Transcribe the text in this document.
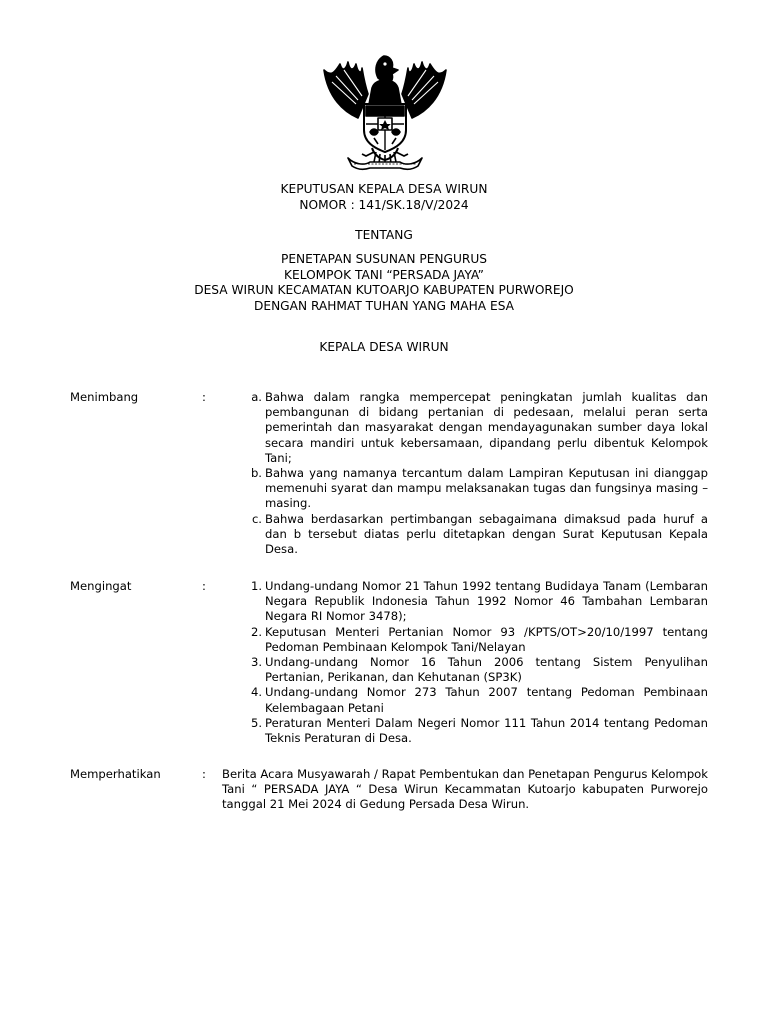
KEPUTUSAN KEPALA DESA WIRUN
NOMOR : 141/SK.18/V/2024
TENTANG
PENETAPAN SUSUNAN PENGURUS
KELOMPOK TANI “PERSADA JAYA”
DESA WIRUN KECAMATAN KUTOARJO KABUPATEN PURWOREJO
DENGAN RAHMAT TUHAN YANG MAHA ESA
KEPALA DESA WIRUN
Menimbang	:	a. Bahwa dalam rangka mempercepat peningkatan jumlah kualitas dan pembangunan di bidang pertanian di pedesaan, melalui peran serta pemerintah dan masyarakat dengan mendayagunakan sumber daya lokal secara mandiri untuk kebersamaan, dipandang perlu dibentuk Kelompok Tani;
b. Bahwa yang namanya tercantum dalam Lampiran Keputusan ini dianggap memenuhi syarat dan mampu melaksanakan tugas dan fungsinya masing – masing.
c. Bahwa berdasarkan pertimbangan sebagaimana dimaksud pada huruf a dan b tersebut diatas perlu ditetapkan dengan Surat Keputusan Kepala Desa.
Mengingat	:	1. Undang-undang Nomor 21 Tahun 1992 tentang Budidaya Tanam (Lembaran Negara Republik Indonesia Tahun 1992 Nomor 46 Tambahan Lembaran Negara RI Nomor 3478);
2. Keputusan Menteri Pertanian Nomor 93 /KPTS/OT>20/10/1997 tentang Pedoman Pembinaan Kelompok Tani/Nelayan
3. Undang-undang Nomor 16 Tahun 2006 tentang Sistem Penyulihan Pertanian, Perikanan, dan Kehutanan (SP3K)
4. Undang-undang Nomor 273 Tahun 2007 tentang Pedoman Pembinaan Kelembagaan Petani
5. Peraturan Menteri Dalam Negeri Nomor 111 Tahun 2014 tentang Pedoman Teknis Peraturan di Desa.
Memperhatikan	: Berita Acara Musyawarah / Rapat Pembentukan dan Penetapan Pengurus Kelompok Tani “ PERSADA JAYA “ Desa Wirun Kecammatan Kutoarjo kabupaten Purworejo tanggal 21 Mei 2024 di Gedung Persada Desa Wirun.
